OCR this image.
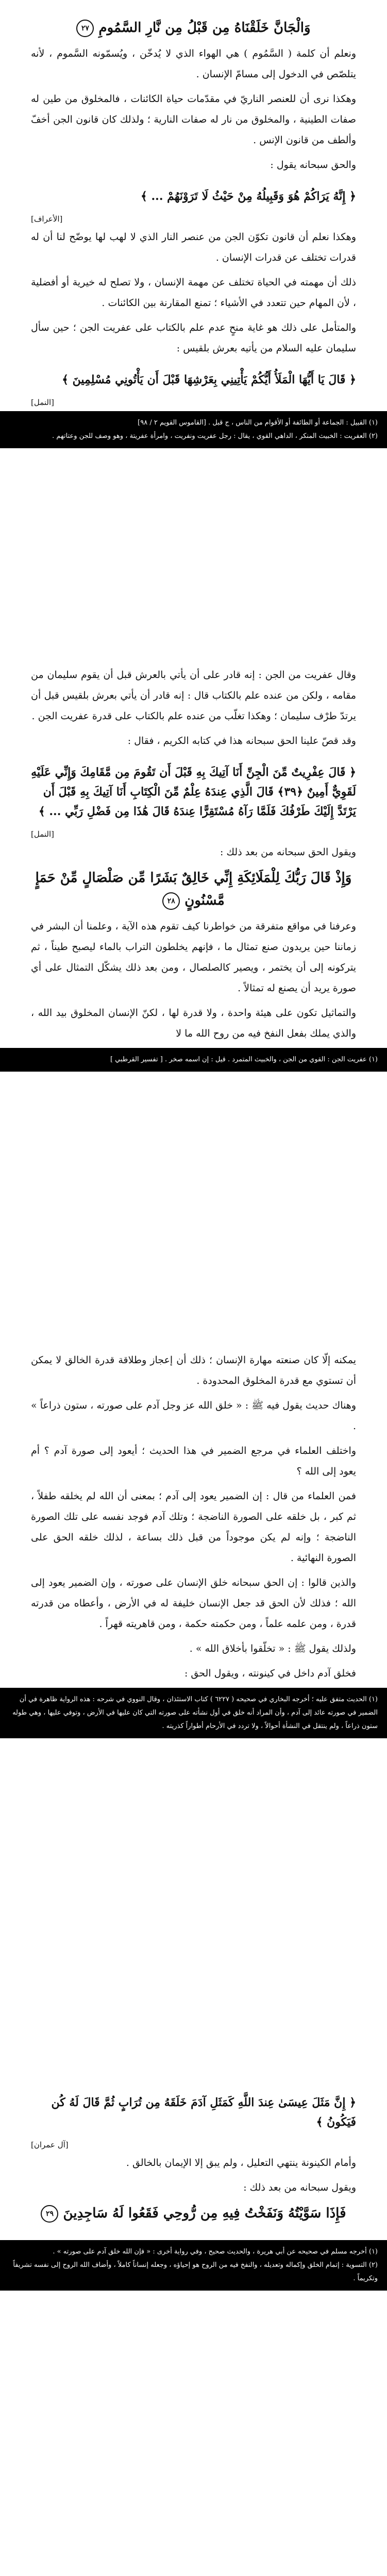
وَالْجَانَّ خَلَقْنَاهُ مِن قَبْلُ مِن نَّارِ السَّمُومِ ٢٧

ونعلم أن كلمة ( السَّمُوم ) هي الهواء الذي لا يُدخّن ، ويُسمّونه السَّموم ، لأنه يتلصّص في الدخول إلى مسامّ الإنسان .

وهكذا نرى أن للعنصر الناريّ في مقدّمات حياة الكائنات ، فالمخلوق من طين له صفات الطينية ، والمخلوق من نار له صفات النارية ؛ ولذلك كان قانون الجن أخفّ وألطف من قانون الإنس .

والحق سبحانه يقول :

﴿ إِنَّهُ يَرَاكُمْ هُوَ وَقَبِيلُهُ مِنْ حَيْثُ لَا تَرَوْنَهُمْ ... ﴾

[الأعراف]

وهكذا نعلم أن قانون تكوّن الجن من عنصر النار الذي لا لهب لها يوضّح لنا أن له قدرات تختلف عن قدرات الإنسان .

ذلك أن مهمته في الحياة تختلف عن مهمة الإنسان ، ولا تصلح له خيرية أو أفضلية ، لأن المهام حين تتعدد في الأشياء ؛ تمنع المقارنة بين الكائنات .

والمتأمل على ذلك هو غاية منحٍ عدم علم بالكتاب على عفريت الجن ؛ حين سأل سليمان عليه السلام من يأتيه بعرش بلقيس :

﴿ قَالَ يَا أَيُّهَا الْمَلَأُ أَيُّكُمْ يَأْتِينِي بِعَرْشِهَا قَبْلَ أَن يَأْتُونِي مُسْلِمِينَ ﴾

[النمل]

(١) القبيل : الجماعة أو الطائفة أو الأقوام من الناس ، ج قبل . [القاموس القويم ٢ / ٩٨]

(٢) العفريت : الخبيث المنكر ، الداهي القوي ، يقال : رجل عفريت ونفريت ، وامرأة عفريتة ، وهو وصف للجن وعتاتهم .

وقال عفريت من الجن : إنه قادر على أن يأتي بالعرش قبل أن يقوم سليمان من مقامه ، ولكن من عنده علم بالكتاب قال : إنه قادر أن يأتي بعرش بلقيس قبل أن يرتدّ طرْف سليمان ؛ وهكذا تغلّب من عنده علم بالكتاب على قدرة عفريت الجن .

وقد قصّ علينا الحق سبحانه هذا في كتابه الكريم ، فقال :

﴿ قَالَ عِفْرِيتٌ مِّنَ الْجِنِّ أَنَا آتِيكَ بِهِ قَبْلَ أَن تَقُومَ مِن مَّقَامِكَ وَإِنِّي عَلَيْهِ لَقَوِيٌّ أَمِينٌ ﴿٣٩﴾ قَالَ الَّذِي عِندَهُ عِلْمٌ مِّنَ الْكِتَابِ أَنَا آتِيكَ بِهِ قَبْلَ أَن يَرْتَدَّ إِلَيْكَ طَرْفُكَ فَلَمَّا رَآهُ مُسْتَقِرًّا عِندَهُ قَالَ هَٰذَا مِن فَضْلِ رَبِّي ... ﴾

[النمل]

ويقول الحق سبحانه من بعد ذلك :

وَإِذْ قَالَ رَبُّكَ لِلْمَلَائِكَةِ إِنِّي خَالِقٌ بَشَرًا مِّن صَلْصَالٍ مِّنْ حَمَإٍ مَّسْنُونٍ ٢٨

وعرفنا في مواقع متفرقة من خواطرنا كيف تقوم هذه الآية ، وعلمنا أن البشر في زماننا حين يريدون صنع تمثال ما ، فإنهم يخلطون التراب بالماء ليصبح طيناً ، ثم يتركونه إلى أن يختمر ، ويصير كالصلصال ، ومن بعد ذلك يشكّل التمثال على أي صورة يريد أن يصنع له تمثالاً .

والتماثيل تكون على هيئة واحدة ، ولا قدرة لها ، لكنّ الإنسان المخلوق بيد الله ، والذي يملك بفعل النفخ فيه من روح الله ما لا

(١) عفريت الجن : القوي من الجن ، والخبيث المتمرد . قيل : إن اسمه صخر . [ تفسير القرطبي ]

يمكنه إلّا كان صنعته مهارة الإنسان ؛ ذلك أن إعجاز وطلاقة قدرة الخالق لا يمكن أن تستوي مع قدرة المخلوق المحدودة .

وهناك حديث يقول فيه ﷺ : « خلق الله عز وجل آدم على صورته ، ستون ذراعاً » .

واختلف العلماء في مرجع الضمير في هذا الحديث ؛ أيعود إلى صورة آدم ؟ أم يعود إلى الله ؟

فمن العلماء من قال : إن الضمير يعود إلى آدم ؛ بمعنى أن الله لم يخلقه طفلاً ، ثم كبر ، بل خلقه على الصورة الناضجة ؛ وتلك آدم فوجد نفسه على تلك الصورة الناضجة ؛ وإنه لم يكن موجوداً من قبل ذلك بساعة ، لذلك خلقه الحق على الصورة النهائية .

والذين قالوا : إن الحق سبحانه خلق الإنسان على صورته ، وإن الضمير يعود إلى الله ؛ فذلك لأن الحق قد جعل الإنسان خليفة له في الأرض ، وأعطاه من قدرته قدرة ، ومن علمه علماً ، ومن حكمته حكمة ، ومن قاهريته قهراً .

ولذلك يقول ﷺ : « تخلّقوا بأخلاق الله » .

فخلق آدم داخل في كينونته ، ويقول الحق :

(١) الحديث متفق عليه ؛ أخرجه البخاري في صحيحه ( ٦٢٢٧ ) كتاب الاستئذان ، وقال النووي في شرحه : هذه الرواية ظاهرة في أن الضمير في صورته عائد إلى آدم ، وأن المراد أنه خلق في أول نشأته على صورته التي كان عليها في الأرض ، وتوفي عليها ، وهي طوله ستون ذراعاً ، ولم ينتقل في النشأة أحوالاً ، ولا تردد في الأرحام أطواراً كذريته .

﴿ إِنَّ مَثَلَ عِيسَىٰ عِندَ اللَّهِ كَمَثَلِ آدَمَ خَلَقَهُ مِن تُرَابٍ ثُمَّ قَالَ لَهُ كُن فَيَكُونُ ﴾

[آل عمران]

وأمام الكينونة ينتهي التعليل ، ولم يبق إلا الإيمان بالخالق .

ويقول سبحانه من بعد ذلك :

فَإِذَا سَوَّيْتُهُ وَنَفَخْتُ فِيهِ مِن رُّوحِي فَقَعُوا لَهُ سَاجِدِينَ ٢٩

(١) أخرجه مسلم في صحيحه عن أبي هريرة ، والحديث صحيح ، وفي رواية أخرى : « فإن الله خلق آدم على صورته » .

(٢) التسوية : إتمام الخلق وإكماله وتعديله ، والنفخ فيه من الروح هو إحياؤه ، وجعله إنساناً كاملاً ، وأضاف الله الروح إلى نفسه تشريفاً وتكريماً .
